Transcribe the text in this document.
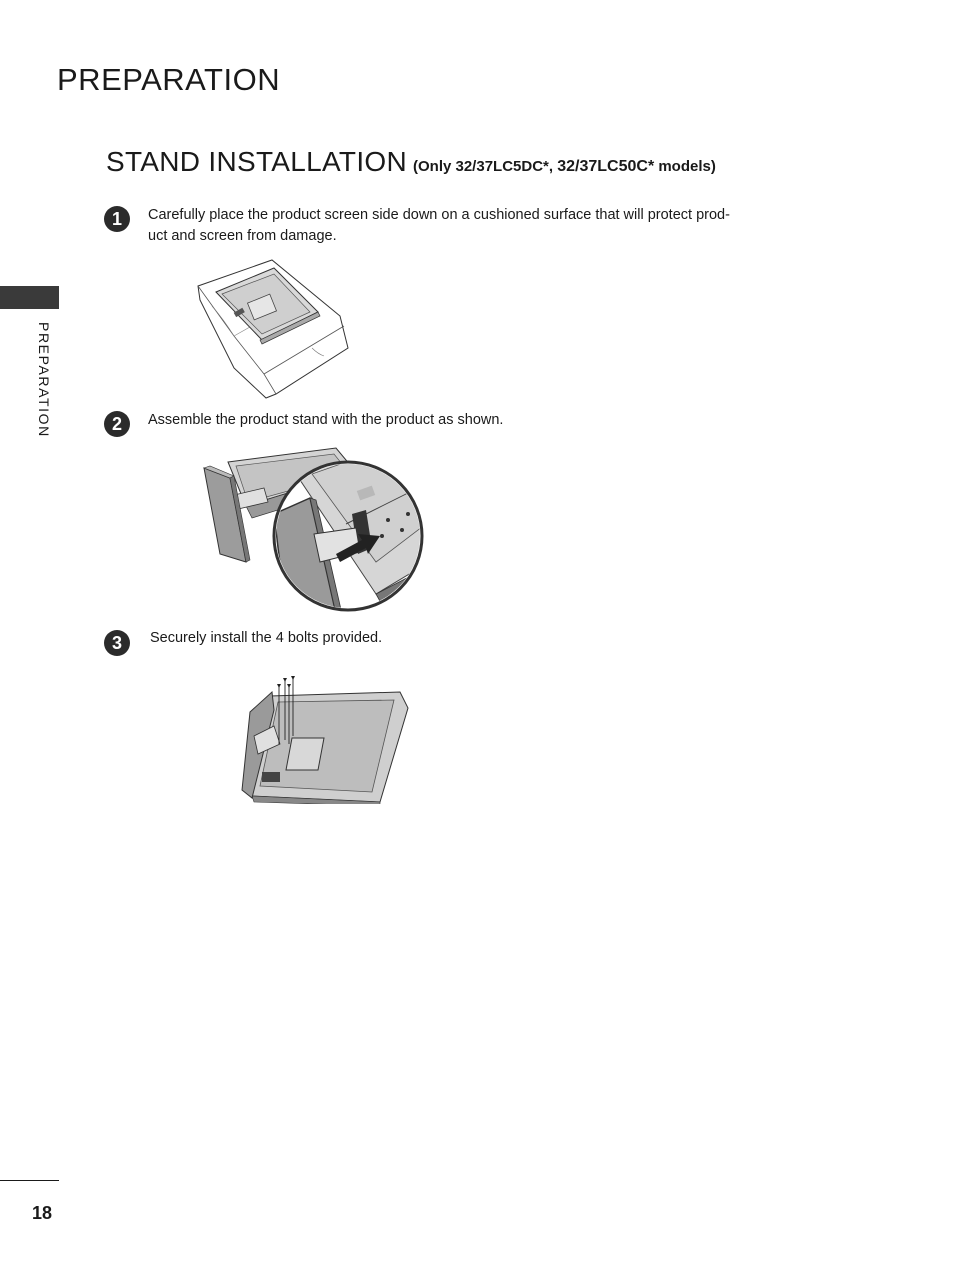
PREPARATION
STAND INSTALLATION (Only 32/37LC5DC*, 32/37LC50C* models)
PREPARATION
1	Carefully place the product screen side down on a cushioned surface that will protect prod-
uct and screen from damage.
2	Assemble the product stand with the product as shown.
3	Securely install the 4 bolts provided.
18
